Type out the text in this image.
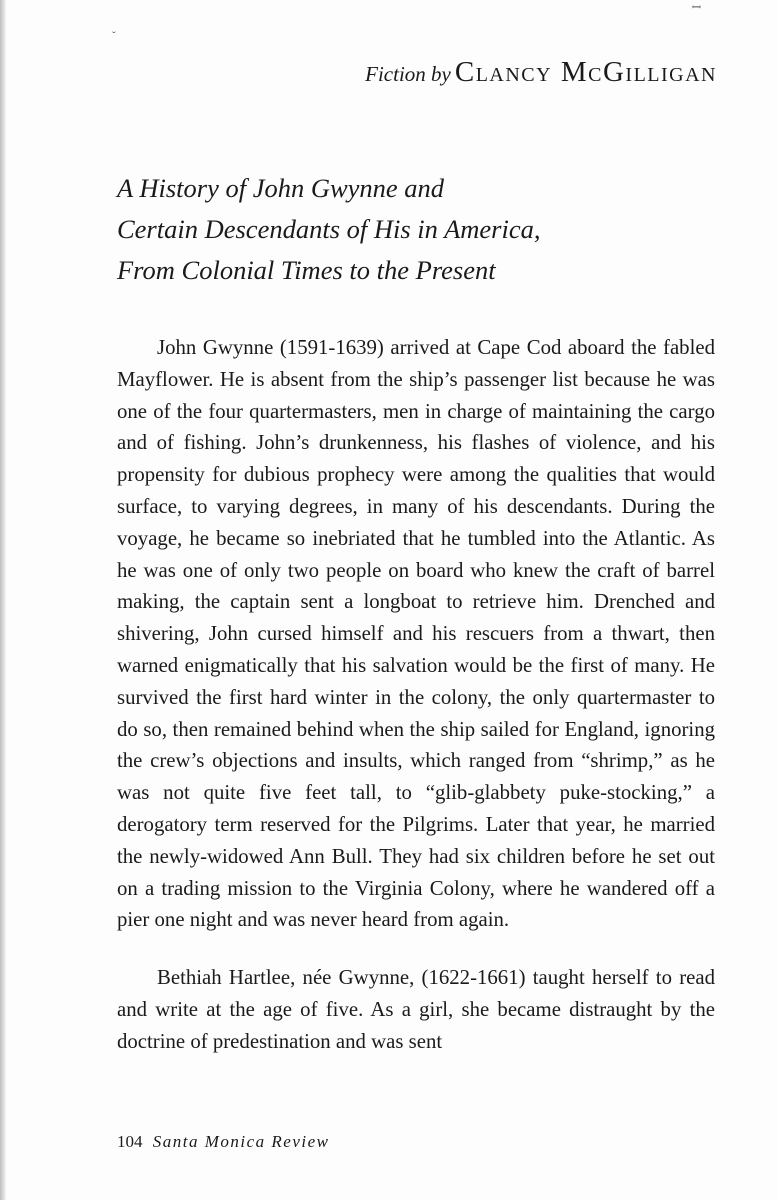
ꟷ
ˇ
Fiction by Clancy McGilligan
A History of John Gwynne and
Certain Descendants of His in America,
From Colonial Times to the Present

John Gwynne (1591-1639) arrived at Cape Cod aboard the fabled Mayflower. He is absent from the ship’s passenger list because he was one of the four quartermasters, men in charge of maintaining the cargo and of fishing. John’s drunkenness, his flashes of violence, and his propensity for dubious prophecy were among the qualities that would surface, to varying degrees, in many of his descendants. During the voyage, he became so inebriated that he tumbled into the Atlantic. As he was one of only two people on board who knew the craft of barrel making, the captain sent a longboat to retrieve him. Drenched and shivering, John cursed himself and his rescuers from a thwart, then warned enigmatically that his salvation would be the first of many. He survived the first hard winter in the colony, the only quartermaster to do so, then remained behind when the ship sailed for England, ignoring the crew’s objections and insults, which ranged from “shrimp,” as he was not quite five feet tall, to “glib-glabbety puke-stocking,” a derogatory term reserved for the Pilgrims. Later that year, he married the newly-widowed Ann Bull. They had six children before he set out on a trading mission to the Virginia Colony, where he wandered off a pier one night and was never heard from again.

Bethiah Hartlee, née Gwynne, (1622-1661) taught herself to read and write at the age of five. As a girl, she became distraught by the doctrine of predestination and was sent

104 Santa Monica Review
